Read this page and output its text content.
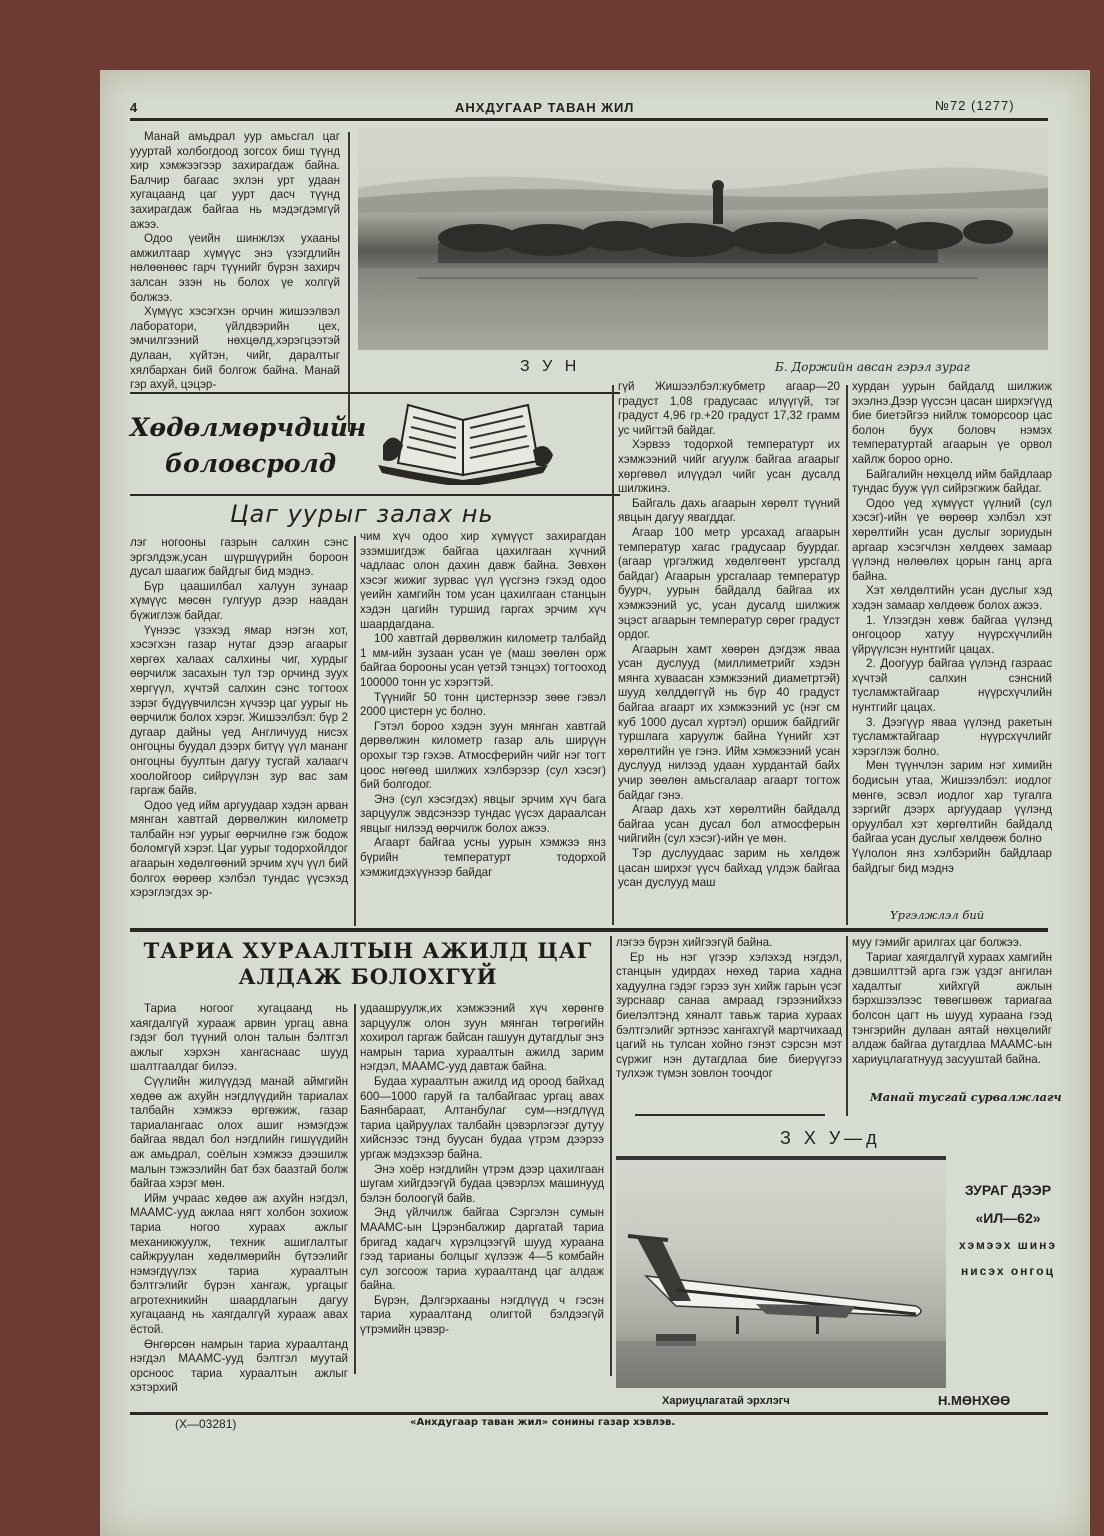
4	АНХДУГААР ТАВАН ЖИЛ	№72 (1277)

Манай амьдрал уур амьсгал цаг уууртай холбогдоод зогсох биш түүнд хир хэмжээгээр захирагдаж байна. Балчир багаас эхлэн урт удаан хугацаанд цаг уурт дасч түүнд захирагдаж байгаа нь мэдэгдэмгүй ажээ.

Одоо үеийн шинжлэх ухааны амжилтаар хүмүүс энэ үзэгдлийн нөлөөнөөс гарч түүнийг бүрэн захирч залсан эзэн нь болох үе холгүй болжээ.

Хүмүүс хэсэгхэн орчин жишээлвэл лаборатори, үйлдвэрийн цех, эмчилгээний нөхцөлд,хэрэгцээтэй дулаан, хүйтэн, чийг, даралтыг хялбархан бий болгож байна. Манай гэр ахуй, цэцэр-

З У Н	Б. Доржийн авсан гэрэл зураг
Хөдөлмөрчдийн
боловсролд
Цаг уурыг залах нь

лэг ногооны газрын салхин сэнс эргэлдэж,усан шүршүүрийн бороон дусал шаагиж байдгыг бид мэднэ.

Бүр цаашилбал халуун зунаар хүмүүс мөсөн гулгуур дээр наадан бүжиглэж байдаг.

Үүнээс үзэхэд ямар нэгэн хот, хэсэгхэн газар нутаг дээр агаарыг хөргөх халаах салхины чиг, хурдыг өөрчилж засахын тул тэр орчинд зуух хөргүүл, хүчтэй салхин сэнс тогтоох зэрэг бүдүүвчилсэн хүчээр цаг уурыг нь өөрчилж болох хэрэг. Жишээлбэл: бүр 2 дугаар дайны үед Англичууд нисэх онгоцны буудал дээрх битүү үүл мананг онгоцны буултын дагуу тусгай халаагч хоолойгоор сийрүүлэн зур вас зам гаргаж байв.

Одоо үед ийм аргуудаар хэдэн арван мянган хавтгай дөрвөлжин километр талбайн нэг уурыг өөрчилнө гэж бодож боломгүй хэрэг. Цаг уурыг тодорхойлдог агаарын хөдөлгөөний эрчим хүч үүл бий болгох өөрөөр хэлбэл тундас үүсэхэд хэрэглэгдэх эр-

чим хүч одоо хир хүмүүст захирагдан эзэмшигдэж байгаа цахилгаан хүчний чадлаас олон дахин давж байна. Зөвхөн хэсэг жижиг зурвас үүл үүсгэнэ гэхэд одоо үеийн хамгийн том усан цахилгаан станцын хэдэн цагийн туршид гаргах эрчим хүч шаардагдана.

100 хавтгай дөрвөлжин километр талбайд 1 мм-ийн зузаан усан үе (маш зөөлөн орж байгаа борооны усан үетэй тэнцэх) тогтооход 100000 тонн ус хэрэгтэй.

Түүнийг 50 тонн цистернээр зөөе гэвэл 2000 цистерн ус болно.

Гэтэл бороо хэдэн зуун мянган хавтгай дөрвөлжин километр газар аль ширүүн орохыг тэр гэхэв. Атмосферийн чийг нэг тогт цоос нөгөөд шилжих хэлбэрээр (сул хэсэг) бий болгодог.

Энэ (сул хэсэгдэх) явцыг эрчим хүч бага зарцуулж эвдсэнээр тундас үүсэх дараалсан явцыг нилээд өөрчилж болох ажээ.

Агаарт байгаа усны уурын хэмжээ янз бүрийн температурт тодорхой хэмжигдэхүүнээр байдаг

гүй Жишээлбэл:кубметр агаар—20 градуст 1,08 градусаас илүүгүй, тэг градуст 4,96 гр.+20 градуст 17,32 грамм ус чийгтэй байдаг.

Хэрвээ тодорхой температурт их хэмжээний чийг агуулж байгаа агаарыг хөргөвөл илүүдэл чийг усан дусалд шилжинэ.

Байгаль дахь агаарын хөрөлт түүний явцын дагуу явагддаг.

Агаар 100 метр урсахад агаарын температур хагас градусаар буурдаг. (агаар үргэлжид хөдөлгөөнт урсгалд байдаг) Агаарын урсгалаар температур буурч, уурын байдалд байгаа их хэмжээний ус, усан дусалд шилжиж эцэст агаарын температур сөрөг градуст ордог.

Агаарын хамт хөөрөн дэгдэж яваа усан дуслууд (миллиметрийг хэдэн мянга хуваасан хэмжээний диаметртэй) шууд хөлддөггүй нь бүр 40 градуст байгаа агаарт их хэмжээний ус (нэг см куб 1000 дусал хүртэл) оршиж байдгийг туршлага харуулж байна Үүнийг хэт хөрөлтийн үе гэнэ. Ийм хэмжээний усан дуслууд нилээд удаан хурдантай байх учир зөөлөн амьсгалаар агаарт тогтож байдаг гэнэ.

Агаар дахь хэт хөрөлтийн байдалд байгаа усан дусал бол атмосферын чийгийн (сул хэсэг)-ийн үе мөн.

Тэр дуслуудаас зарим нь хөлдөж цасан ширхэг үүсч байхад үлдэж байгаа усан дуслууд маш

хурдан уурын байдалд шилжиж эхэлнэ.Дээр үүссэн цасан ширхэгүүд бие биетэйгээ нийлж томорсоор цас болон буух боловч нэмэх температуртай агаарын үе орвол хайлж бороо орно.

Байгалийн нөхцөлд ийм байдлаар тундас бууж үүл сийрэгжиж байдаг.

Одоо үед хүмүүст үүлний (сул хэсэг)-ийн үе өөрөөр хэлбэл хэт хөрөлтийн усан дуслыг зориудын аргаар хэсэгчлэн хөлдөөх замаар үүлэнд нөлөөлөх цорын ганц арга байна.

Хэт хөлдөлтийн усан дуслыг хэд хэдэн замаар хөлдөөж болох ажээ.

1. Үлээгдэн хөвж байгаа үүлэнд онгоцоор хатуу нүүрсхүчлийн үйрүүлсэн нунтгийг цацах.

2. Доогуур байгаа үүлэнд газраас хүчтэй салхин сэнсний тусламжтайгаар нүүрсхүчлийн нунтгийг цацах.

3. Дээгүүр яваа үүлэнд ракетын тусламжтайгаар нүүрсхүчлийг хэрэглэж болно.

Мөн түүнчлэн зарим нэг химийн бодисын утаа, Жишээлбэл: иодлог мөнгө, эсвэл иодлог хар тугалга зэргийг дээрх аргуудаар үүлэнд оруулбал хэт хөргөлтийн байдалд байгаа усан дуслыг хөлдөөж болно

Үүлолон янз хэлбэрийн байдлаар байдгыг бид мэднэ

Үргэлжлэл бий
ТАРИА ХУРААЛТЫН АЖИЛД ЦАГ
АЛДАЖ БОЛОХГҮЙ

Тариа ногоог хугацаанд нь хаягдалгүй хурааж арвин ургац авна гэдэг бол түүний олон талын бэлтгэл ажлыг хэрхэн хангаснаас шууд шалтгаалдаг билээ.

Сүүлийн жилүүдэд манай аймгийн хөдөө аж ахуйн нэгдлүүдийн тариалах талбайн хэмжээ өргөжиж, газар тариалангаас олох ашиг нэмэгдэж байгаа явдал бол нэгдлийн гишүүдийн аж амьдрал, соёлын хэмжээ дээшилж малын тэжээлийн бат бэх баазтай болж байгаа хэрэг мөн.

Ийм учраас хөдөө аж ахуйн нэгдэл, МААМС-ууд ажлаа нягт холбон зохиож тариа ногоо хураах ажлыг механикжуулж, техник ашиглалтыг сайжруулан хөдөлмөрийн бүтээлийг нэмэгдүүлэх тариа хураалтын бэлтгэлийг бүрэн хангаж, ургацыг агротехникийн шаардлагын дагуу хугацаанд нь хаягдалгүй хурааж авах ёстой.

Өнгөрсөн намрын тариа хураалтанд нэгдэл МААМС-ууд бэлтгэл муутай орсноос тариа хураалтын ажлыг хэтэрхий

удаашруулж,их хэмжээний хүч хөрөнгө зарцуулж олон зуун мянган төгрөгийн хохирол гаргаж байсан гашуун дутагдлыг энэ намрын тариа хураалтын ажилд зарим нэгдэл, МААМС-ууд давтаж байна.

Будаа хураалтын ажилд ид ороод байхад 600—1000 гаруй га талбайгаас ургац авах Баянбараат, Алтанбулаг сум—нэгдлүүд тариа цайруулах талбайн цэвэрлэгээг дутуу хийснээс тэнд буусан будаа үтрэм дээрээ ургаж мэдэхээр байна.

Энэ хоёр нэгдлийн үтрэм дээр цахилгаан шугам хийгдээгүй будаа цэвэрлэх машинууд бэлэн болоогүй байв.

Энд үйлчилж байгаа Сэргэлэн сумын МААМС-ын Цэрэнбалжир даргатай тариа бригад хадагч хүрэлцээгүй шууд хураана гээд тарианы болцыг хүлээж 4—5 комбайн сул зогсоож тариа хураалтанд цаг алдаж байна.

Бүрэн, Дэлгэрхааны нэгдлүүд ч гэсэн тариа хураалтанд олигтой бэлдээгүй үтрэмийн цэвэр-

лэгээ бүрэн хийгээгүй байна.

Ер нь нэг үгээр хэлэхэд нэгдэл, станцын удирдах нөхөд тариа хадна хадуулна гэдэг гэрээ зун хийж гарын үсэг зурснаар санаа амраад гэрээнийхээ биелэлтэнд хяналт тавьж тариа хураах бэлтгэлийг эртнээс хангахгүй мартчихаад цагий нь тулсан хойно гэнэт сэрсэн мэт сүржиг нэн дутагдлаа бие биерүүгээ тулхэж түмэн зовлон тоочдог

муу гэмийг арилгах цаг болжээ.

Тариаг хаягдалгүй хураах хамгийн дэвшилттэй арга гэж үздэг ангилан хадалтыг хийхгүй ажлын бэрхшээлээс төвөгшөөж тариагаа болсон цагт нь шууд хураана гээд тэнгэрийн дулаан аятай нөхцөлийг алдаж байгаа дутагдлаа МААМС-ын хариуцлагатнууд засууштай байна.

Манай тусгай сурвалжлагч
З Х У—д
ЗУРАГ ДЭЭР
«ИЛ—62»
хэмээх шинэ
нисэх онгоц
Хариуцлагатай эрхлэгч	Н.МӨНХӨӨ
(Х—03281)	«Анхдугаар таван жил» сонины газар хэвлэв.
